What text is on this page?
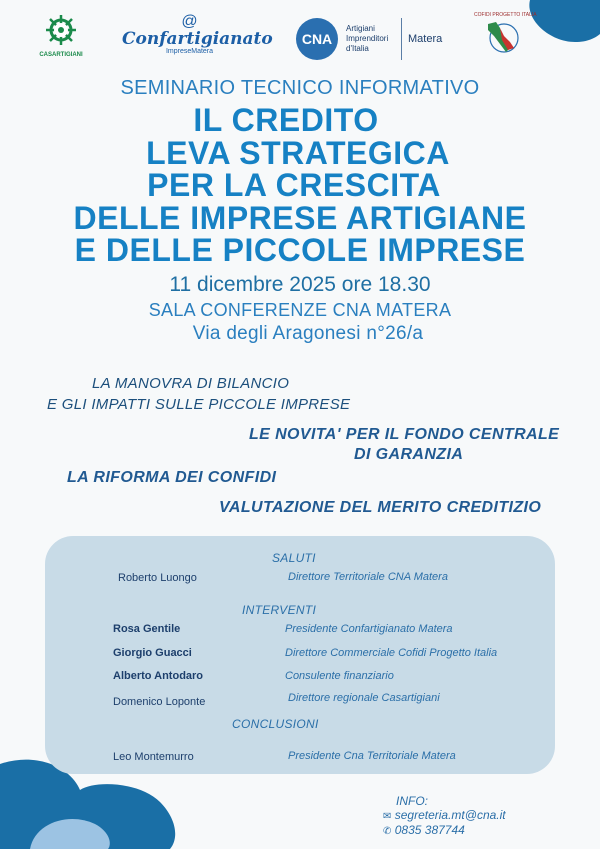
CASARTIGIANI
@
Confartigianato
ImpreseMatera
CNA
Artigiani
Imprenditori
d'Italia
Matera
COFIDI PROGETTO ITALIA
SEMINARIO TECNICO INFORMATIVO
IL CREDITO
LEVA STRATEGICA
PER LA CRESCITA
DELLE IMPRESE ARTIGIANE
E DELLE PICCOLE IMPRESE
11 dicembre 2025 ore 18.30
SALA CONFERENZE CNA MATERA
Via degli Aragonesi n°26/a
LA MANOVRA DI BILANCIO
E GLI IMPATTI SULLE PICCOLE IMPRESE
LE NOVITA' PER IL FONDO CENTRALE
DI GARANZIA
LA RIFORMA DEI CONFIDI
VALUTAZIONE DEL MERITO CREDITIZIO
SALUTI
Roberto Luongo	Direttore Territoriale CNA Matera
INTERVENTI
Rosa Gentile	Presidente Confartigianato Matera
Giorgio Guacci	Direttore Commerciale Cofidi Progetto Italia
Alberto Antodaro	Consulente finanziario
Domenico Loponte	Direttore regionale Casartigiani
CONCLUSIONI
Leo Montemurro	Presidente Cna Territoriale Matera
INFO:
✉ segreteria.mt@cna.it
✆ 0835 387744
